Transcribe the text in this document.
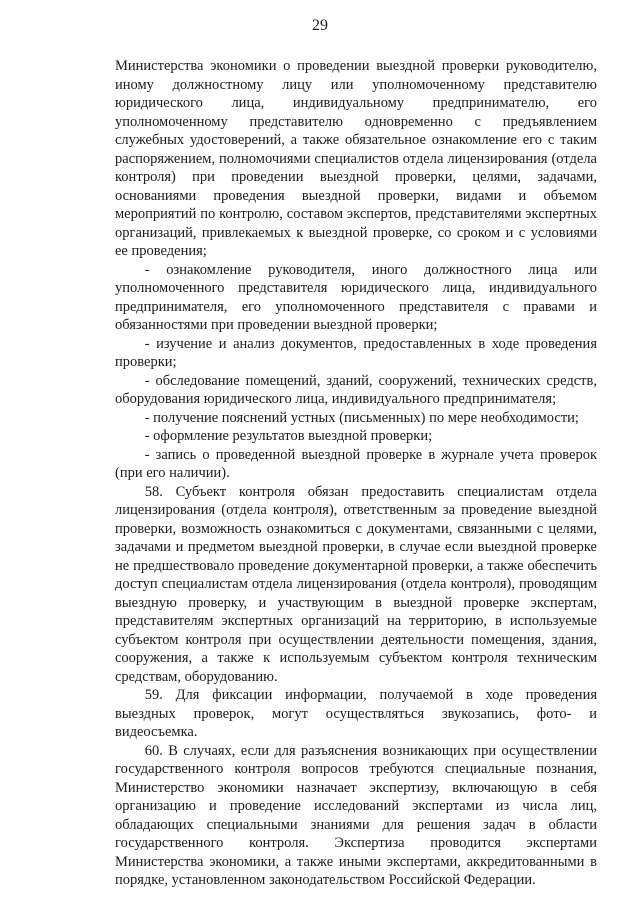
29

Министерства экономики о проведении выездной проверки руководителю, иному должностному лицу или уполномоченному представителю юридического лица, индивидуальному предпринимателю, его уполномоченному представителю одновременно с предъявлением служебных удостоверений, а также обязательное ознакомление его с таким распоряжением, полномочиями специалистов отдела лицензирования (отдела контроля) при проведении выездной проверки, целями, задачами, основаниями проведения выездной проверки, видами и объемом мероприятий по контролю, составом экспертов, представителями экспертных организаций, привлекаемых к выездной проверке, со сроком и с условиями ее проведения;

- ознакомление руководителя, иного должностного лица или уполномоченного представителя юридического лица, индивидуального предпринимателя, его уполномоченного представителя с правами и обязанностями при проведении выездной проверки;

- изучение и анализ документов, предоставленных в ходе проведения проверки;

- обследование помещений, зданий, сооружений, технических средств, оборудования юридического лица, индивидуального предпринимателя;

- получение пояснений устных (письменных) по мере необходимости;

- оформление результатов выездной проверки;

- запись о проведенной выездной проверке в журнале учета проверок (при его наличии).

58. Субъект контроля обязан предоставить специалистам отдела лицензирования (отдела контроля), ответственным за проведение выездной проверки, возможность ознакомиться с документами, связанными с целями, задачами и предметом выездной проверки, в случае если выездной проверке не предшествовало проведение документарной проверки, а также обеспечить доступ специалистам отдела лицензирования (отдела контроля), проводящим выездную проверку, и участвующим в выездной проверке экспертам, представителям экспертных организаций на территорию, в используемые субъектом контроля при осуществлении деятельности помещения, здания, сооружения, а также к используемым субъектом контроля техническим средствам, оборудованию.

59. Для фиксации информации, получаемой в ходе проведения выездных проверок, могут осуществляться звукозапись, фото- и видеосъемка.

60. В случаях, если для разъяснения возникающих при осуществлении государственного контроля вопросов требуются специальные познания, Министерство экономики назначает экспертизу, включающую в себя организацию и проведение исследований экспертами из числа лиц, обладающих специальными знаниями для решения задач в области государственного контроля. Экспертиза проводится экспертами Министерства экономики, а также иными экспертами, аккредитованными в порядке, установленном законодательством Российской Федерации.
